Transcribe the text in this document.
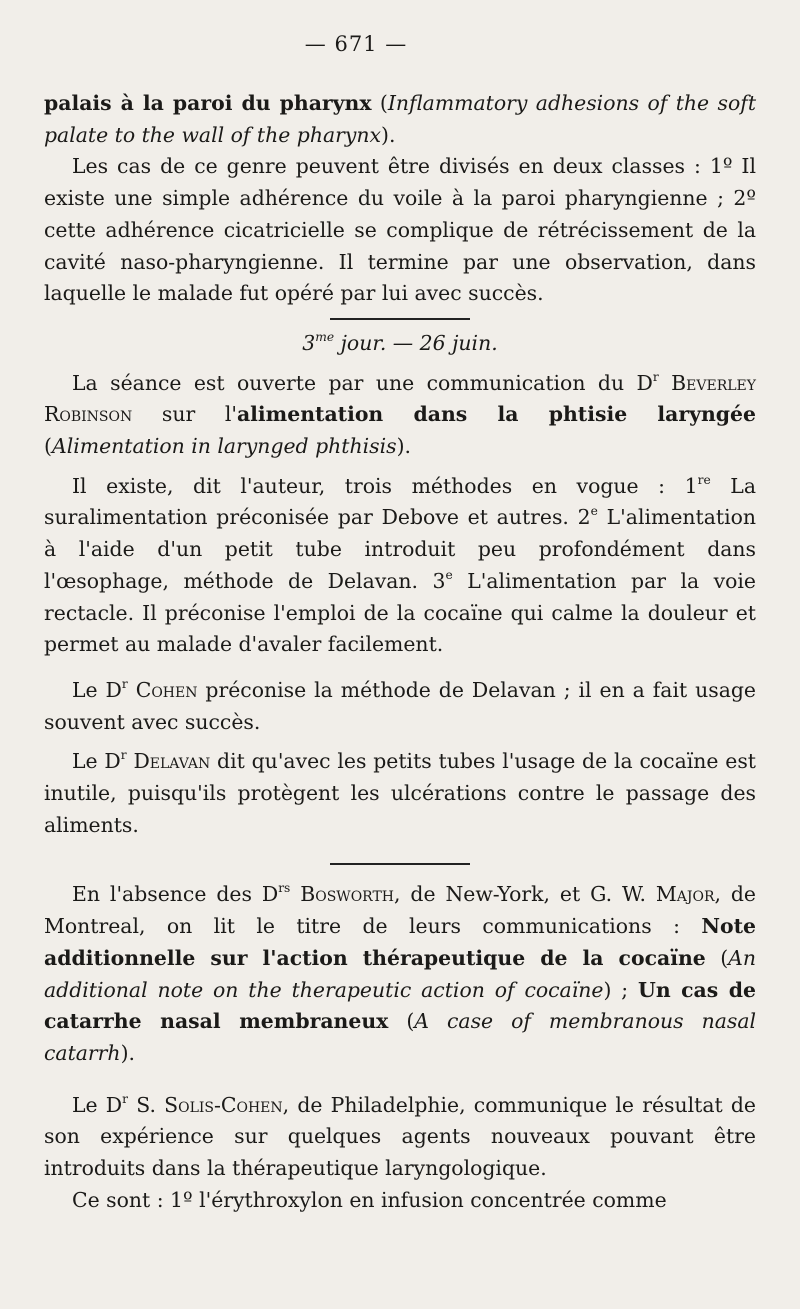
— 671 —

palais à la paroi du pharynx (Inflammatory adhesions of the soft palate to the wall of the pharynx).

Les cas de ce genre peuvent être divisés en deux classes : 1º Il existe une simple adhérence du voile à la paroi pharyngienne ; 2º cette adhérence cicatricielle se complique de rétrécissement de la cavité naso-pharyngienne. Il termine par une observation, dans laquelle le malade fut opéré par lui avec succès.

$3^{me}$ jour. — 26 juin.

La séance est ouverte par une communication du $D^r$ Beverley Robinson sur l'alimentation dans la phtisie laryngée (Alimentation in larynged phthisis).

Il existe, dit l'auteur, trois méthodes en vogue : 1re La suralimentation préconisée par Debove et autres. 2e L'alimentation à l'aide d'un petit tube introduit peu profondément dans l'œsophage, méthode de Delavan. 3e L'alimentation par la voie rectacle. Il préconise l'emploi de la cocaïne qui calme la douleur et permet au malade d'avaler facilement.

Le $D^r$ Cohen préconise la méthode de Delavan ; il en a fait usage souvent avec succès.

Le $D^r$ Delavan dit qu'avec les petits tubes l'usage de la cocaïne est inutile, puisqu'ils protègent les ulcérations contre le passage des aliments.

En l'absence des $D^{rs}$ Bosworth, de New-York, et G. W. Major, de Montreal, on lit le titre de leurs communications : Note additionnelle sur l'action thérapeutique de la cocaïne (An additional note on the therapeutic action of cocaïne) ; Un cas de catarrhe nasal membraneux (A case of membranous nasal catarrh).

Le $D^r$ S. Solis-Cohen, de Philadelphie, communique le résultat de son expérience sur quelques agents nouveaux pouvant être introduits dans la thérapeutique laryngologique.

Ce sont : 1º l'érythroxylon en infusion concentrée comme
